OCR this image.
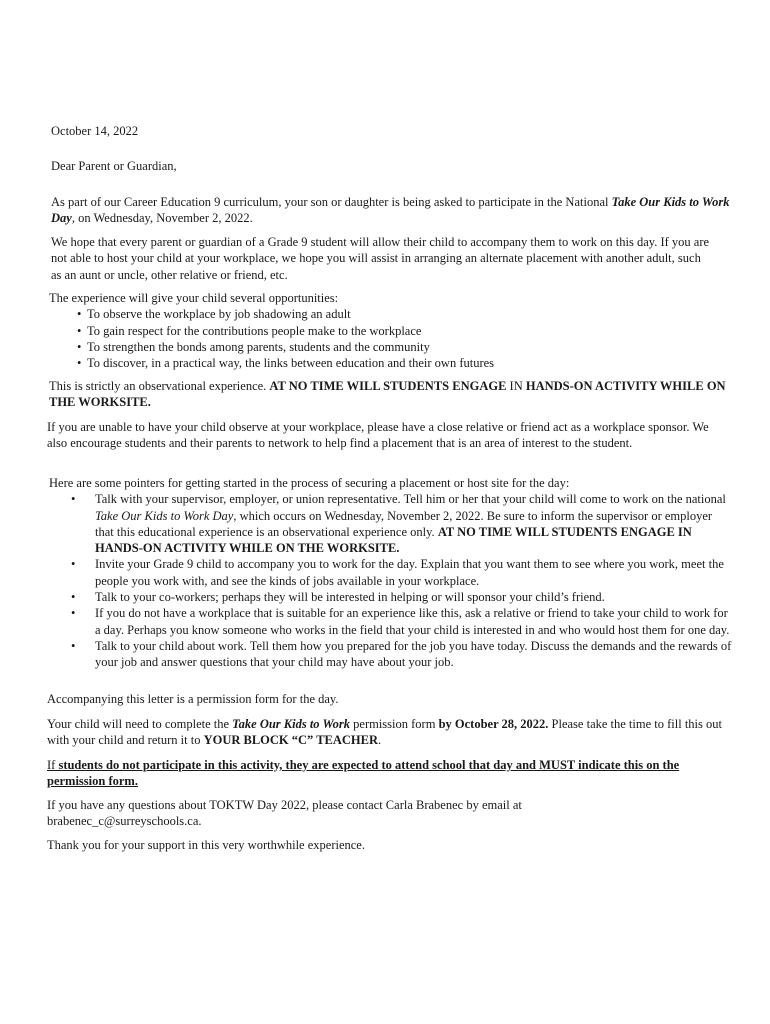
October 14, 2022

Dear Parent or Guardian,

As part of our Career Education 9 curriculum, your son or daughter is being asked to participate in the National Take Our Kids to Work Day, on Wednesday, November 2, 2022.

We hope that every parent or guardian of a Grade 9 student will allow their child to accompany them to work on this day. If you are not able to host your child at your workplace, we hope you will assist in arranging an alternate placement with another adult, such as an aunt or uncle, other relative or friend, etc.

The experience will give your child several opportunities:
• To observe the workplace by job shadowing an adult
• To gain respect for the contributions people make to the workplace
• To strengthen the bonds among parents, students and the community
• To discover, in a practical way, the links between education and their own futures

This is strictly an observational experience. AT NO TIME WILL STUDENTS ENGAGE IN HANDS-ON ACTIVITY WHILE ON THE WORKSITE.

If you are unable to have your child observe at your workplace, please have a close relative or friend act as a workplace sponsor. We also encourage students and their parents to network to help find a placement that is an area of interest to the student.

Here are some pointers for getting started in the process of securing a placement or host site for the day:
• Talk with your supervisor, employer, or union representative. Tell him or her that your child will come to work on the national Take Our Kids to Work Day, which occurs on Wednesday, November 2, 2022. Be sure to inform the supervisor or employer that this educational experience is an observational experience only. AT NO TIME WILL STUDENTS ENGAGE IN HANDS-ON ACTIVITY WHILE ON THE WORKSITE.
• Invite your Grade 9 child to accompany you to work for the day. Explain that you want them to see where you work, meet the people you work with, and see the kinds of jobs available in your workplace.
• Talk to your co-workers; perhaps they will be interested in helping or will sponsor your child’s friend.
• If you do not have a workplace that is suitable for an experience like this, ask a relative or friend to take your child to work for a day. Perhaps you know someone who works in the field that your child is interested in and who would host them for one day.
• Talk to your child about work. Tell them how you prepared for the job you have today. Discuss the demands and the rewards of your job and answer questions that your child may have about your job.

Accompanying this letter is a permission form for the day.

Your child will need to complete the Take Our Kids to Work permission form by October 28, 2022. Please take the time to fill this out with your child and return it to YOUR BLOCK “C” TEACHER.

If students do not participate in this activity, they are expected to attend school that day and MUST indicate this on the permission form.

If you have any questions about TOKTW Day 2022, please contact Carla Brabenec by email at brabenec_c@surreyschools.ca.

Thank you for your support in this very worthwhile experience.
